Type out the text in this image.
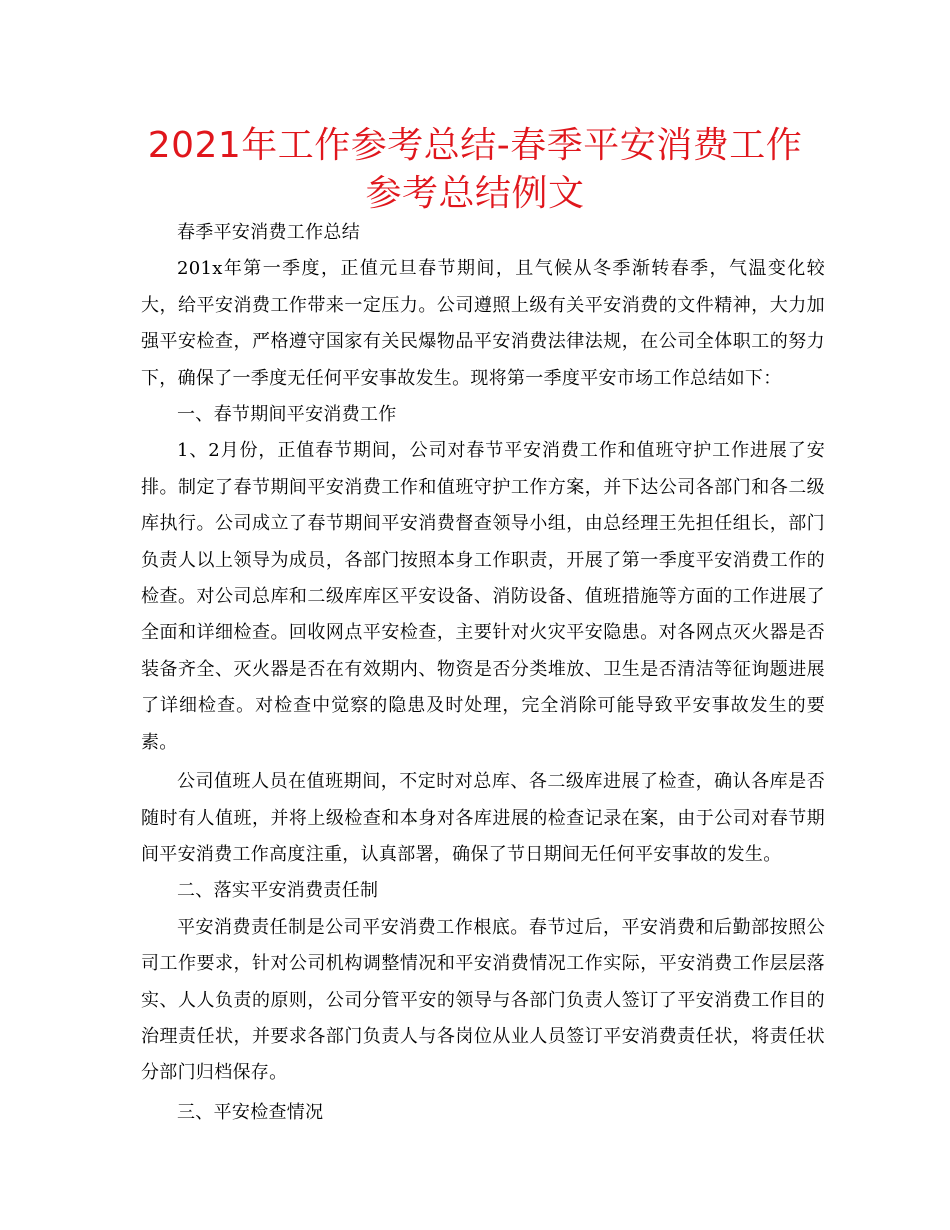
2021年工作参考总结-春季平安消费工作参考总结例文

春季平安消费工作总结

201x年第一季度，正值元旦春节期间，且气候从冬季渐转春季，气温变化较大，给平安消费工作带来一定压力。公司遵照上级有关平安消费的文件精神，大力加强平安检查，严格遵守国家有关民爆物品平安消费法律法规，在公司全体职工的努力下，确保了一季度无任何平安事故发生。现将第一季度平安市场工作总结如下：

一、春节期间平安消费工作

1、2月份，正值春节期间，公司对春节平安消费工作和值班守护工作进展了安排。制定了春节期间平安消费工作和值班守护工作方案，并下达公司各部门和各二级库执行。公司成立了春节期间平安消费督查领导小组，由总经理王先担任组长，部门负责人以上领导为成员，各部门按照本身工作职责，开展了第一季度平安消费工作的检查。对公司总库和二级库库区平安设备、消防设备、值班措施等方面的工作进展了全面和详细检查。回收网点平安检查，主要针对火灾平安隐患。对各网点灭火器是否装备齐全、灭火器是否在有效期内、物资是否分类堆放、卫生是否清洁等征询题进展了详细检查。对检查中觉察的隐患及时处理，完全消除可能导致平安事故发生的要素。

公司值班人员在值班期间，不定时对总库、各二级库进展了检查，确认各库是否随时有人值班，并将上级检查和本身对各库进展的检查记录在案，由于公司对春节期间平安消费工作高度注重，认真部署，确保了节日期间无任何平安事故的发生。

二、落实平安消费责任制

平安消费责任制是公司平安消费工作根底。春节过后，平安消费和后勤部按照公司工作要求，针对公司机构调整情况和平安消费情况工作实际，平安消费工作层层落实、人人负责的原则，公司分管平安的领导与各部门负责人签订了平安消费工作目的治理责任状，并要求各部门负责人与各岗位从业人员签订平安消费责任状，将责任状分部门归档保存。

三、平安检查情况
